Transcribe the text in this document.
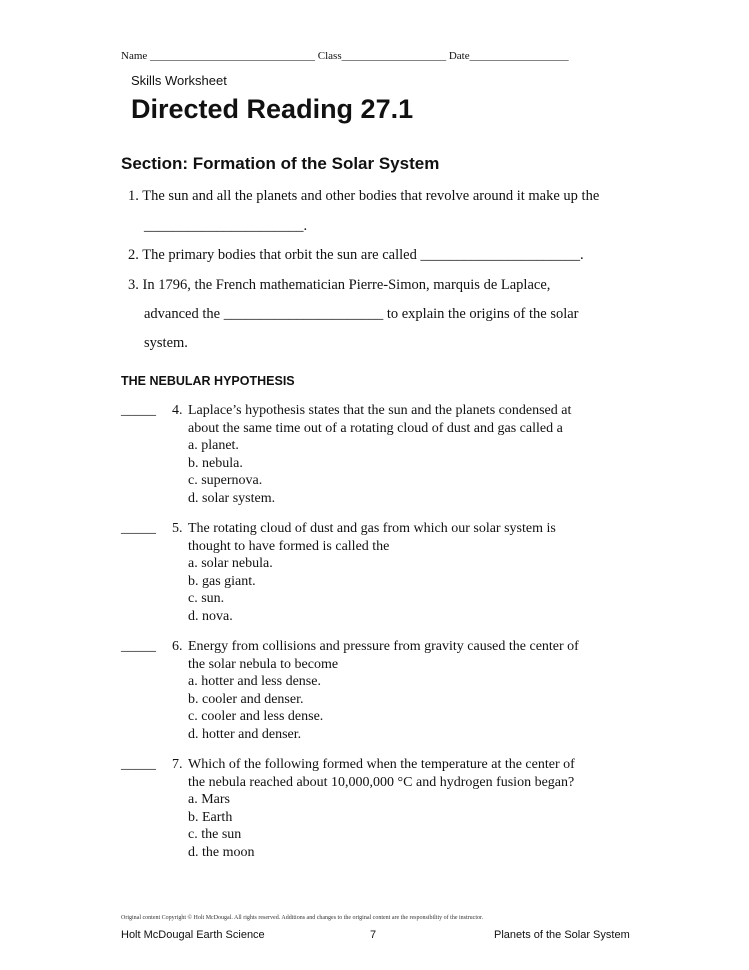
Name ______________________________ Class___________________ Date__________________
Skills Worksheet
Directed Reading 27.1
Section: Formation of the Solar System
1. The sun and all the planets and other bodies that revolve around it make up the
______________________.
2. The primary bodies that orbit the sun are called ______________________.
3. In 1796, the French mathematician Pierre-Simon, marquis de Laplace,
advanced the ______________________ to explain the origins of the solar
system.
THE NEBULAR HYPOTHESIS
_____ 4. Laplace’s hypothesis states that the sun and the planets condensed at
about the same time out of a rotating cloud of dust and gas called a
a. planet.
b. nebula.
c. supernova.
d. solar system.
_____ 5. The rotating cloud of dust and gas from which our solar system is
thought to have formed is called the
a. solar nebula.
b. gas giant.
c. sun.
d. nova.
_____ 6. Energy from collisions and pressure from gravity caused the center of
the solar nebula to become
a. hotter and less dense.
b. cooler and denser.
c. cooler and less dense.
d. hotter and denser.
_____ 7. Which of the following formed when the temperature at the center of
the nebula reached about 10,000,000 °C and hydrogen fusion began?
a. Mars
b. Earth
c. the sun
d. the moon
Original content Copyright © Holt McDougal. All rights reserved. Additions and changes to the original content are the responsibility of the instructor.
Holt McDougal Earth Science	7	Planets of the Solar System
